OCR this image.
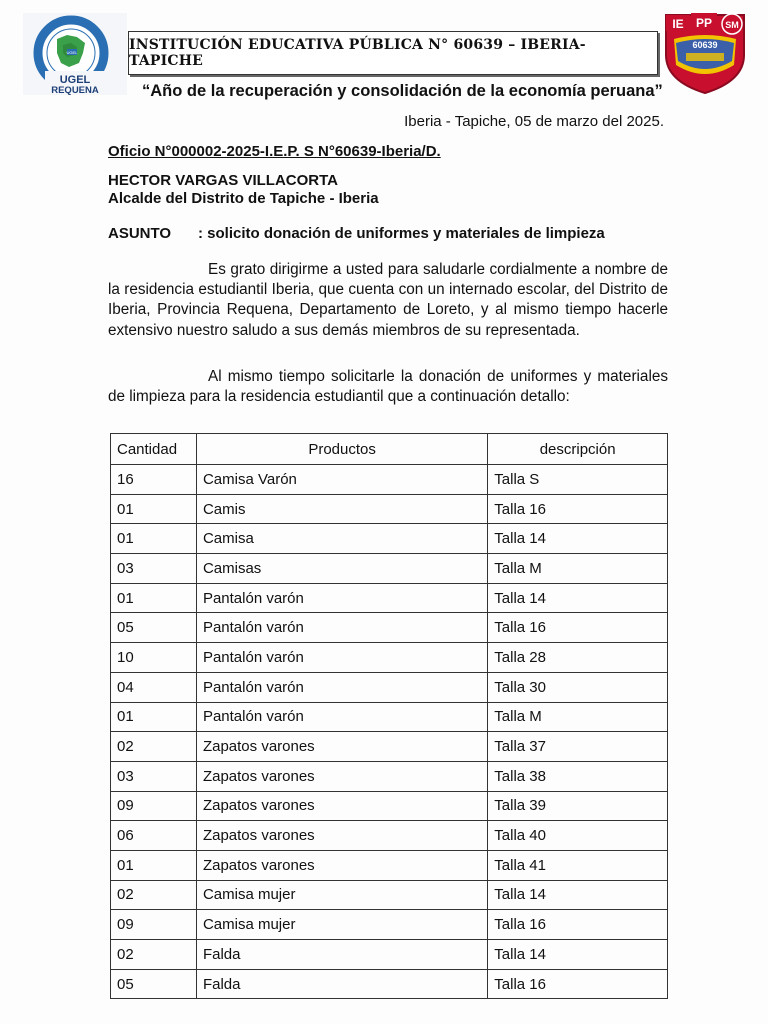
UGEL
UGEL
REQUENA
INSTITUCIÓN EDUCATIVA PÚBLICA N° 60639 – IBERIA- TAPICHE
IE PP SM
60639
“Año de la recuperación y consolidación de la economía peruana”
Iberia - Tapiche, 05 de marzo del 2025.
Oficio N°000002-2025-I.E.P. S N°60639-Iberia/D.
HECTOR VARGAS VILLACORTA
Alcalde del Distrito de Tapiche - Iberia
ASUNTO : solicito donación de uniformes y materiales de limpieza

Es grato dirigirme a usted para saludarle cordialmente a nombre de la residencia estudiantil Iberia, que cuenta con un internado escolar, del Distrito de Iberia, Provincia Requena, Departamento de Loreto, y al mismo tiempo hacerle extensivo nuestro saludo a sus demás miembros de su representada.

Al mismo tiempo solicitarle la donación de uniformes y materiales de limpieza para la residencia estudiantil que a continuación detallo:

Cantidad	Productos	descripción
16	Camisa Varón	Talla S
01	Camis	Talla 16
01	Camisa	Talla 14
03	Camisas	Talla M
01	Pantalón varón	Talla 14
05	Pantalón varón	Talla 16
10	Pantalón varón	Talla 28
04	Pantalón varón	Talla 30
01	Pantalón varón	Talla M
02	Zapatos varones	Talla 37
03	Zapatos varones	Talla 38
09	Zapatos varones	Talla 39
06	Zapatos varones	Talla 40
01	Zapatos varones	Talla 41
02	Camisa mujer	Talla 14
09	Camisa mujer	Talla 16
02	Falda	Talla 14
05	Falda	Talla 16
